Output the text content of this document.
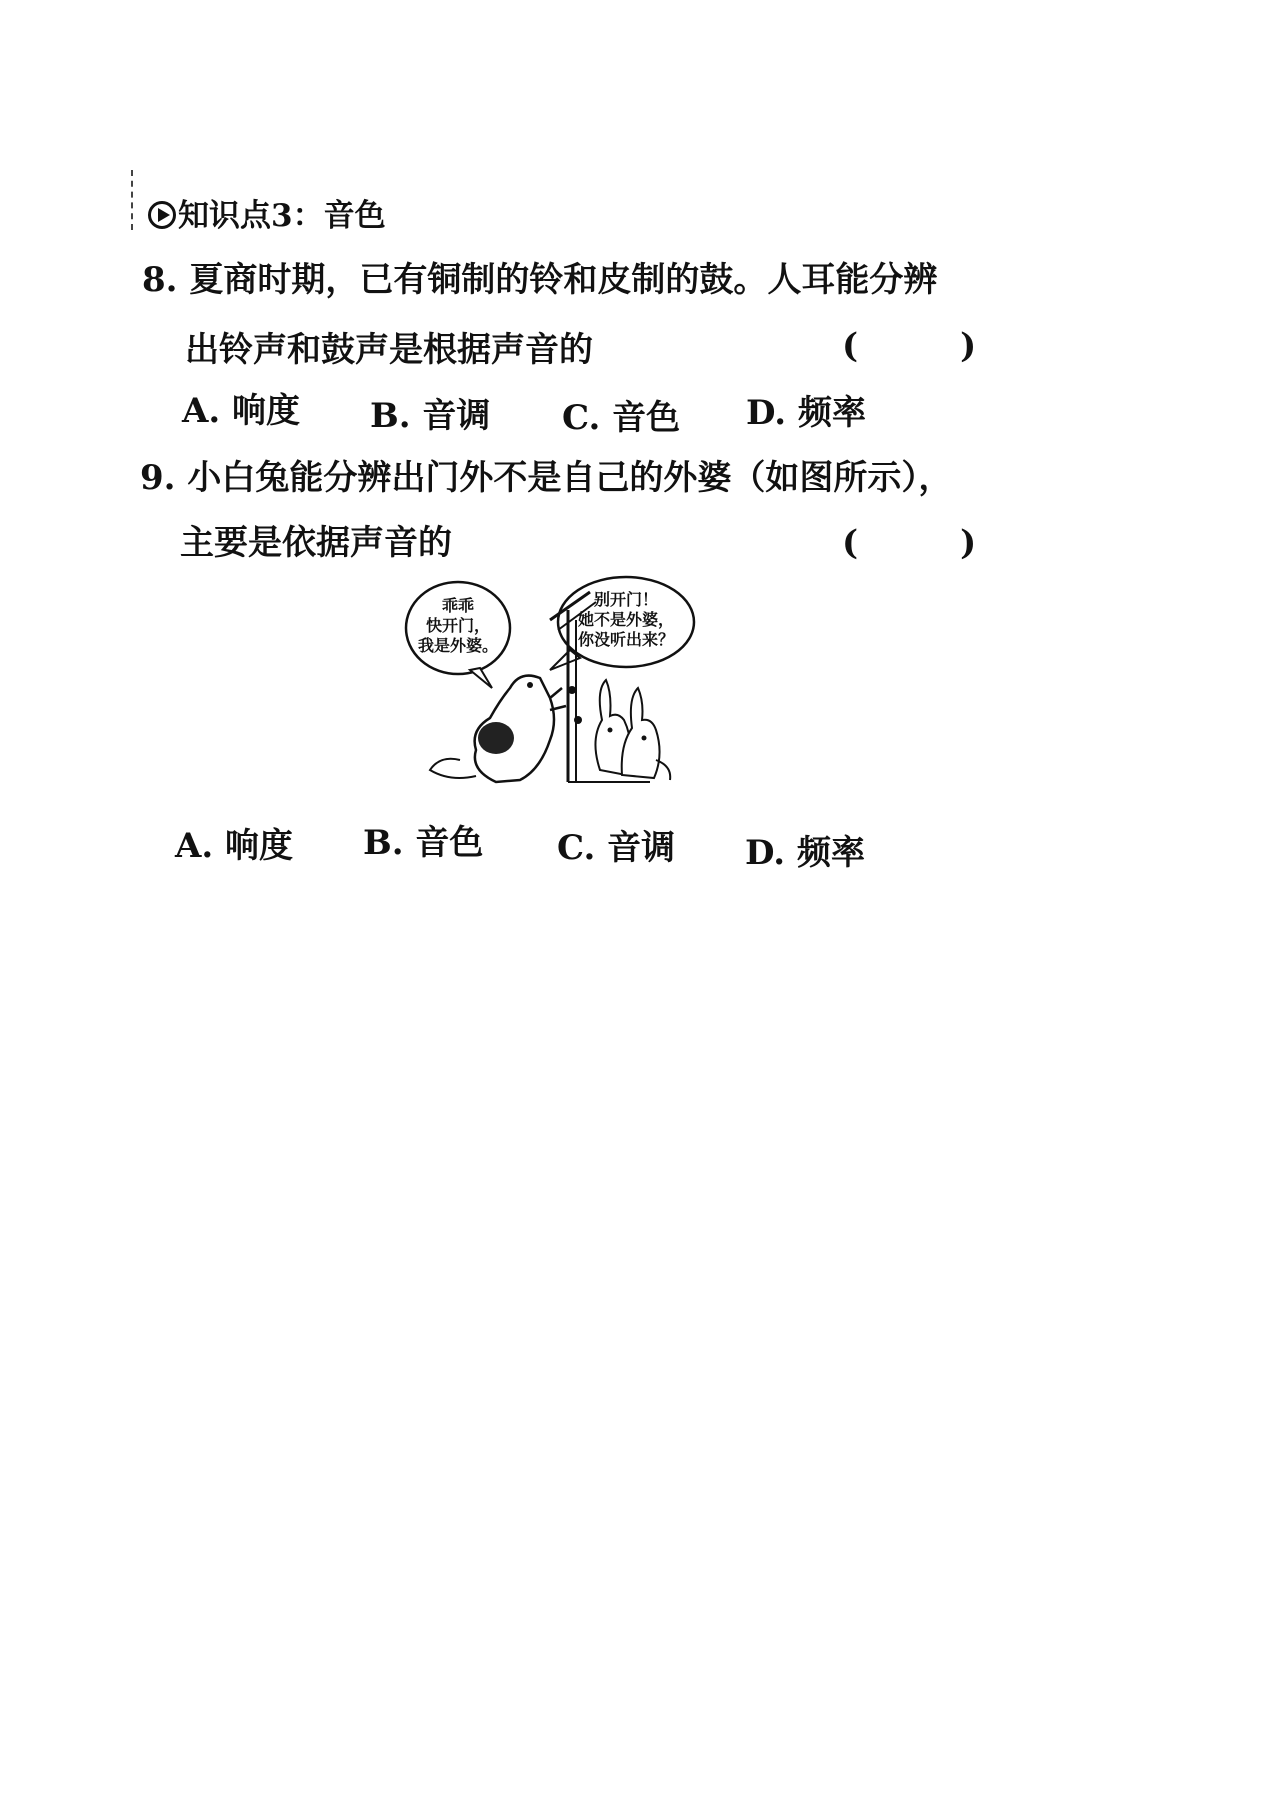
知识点3：音色
8. 夏商时期，已有铜制的铃和皮制的鼓。人耳能分辨
出铃声和鼓声是根据声音的	(　　　)
A. 响度 B. 音调 C. 音色 D. 频率
9. 小白兔能分辨出门外不是自己的外婆（如图所示），
主要是依据声音的	(　　　)
乖乖
快开门，
我是外婆。
别开门！
她不是外婆，
你没听出来？
A. 响度 B. 音色 C. 音调 D. 频率
